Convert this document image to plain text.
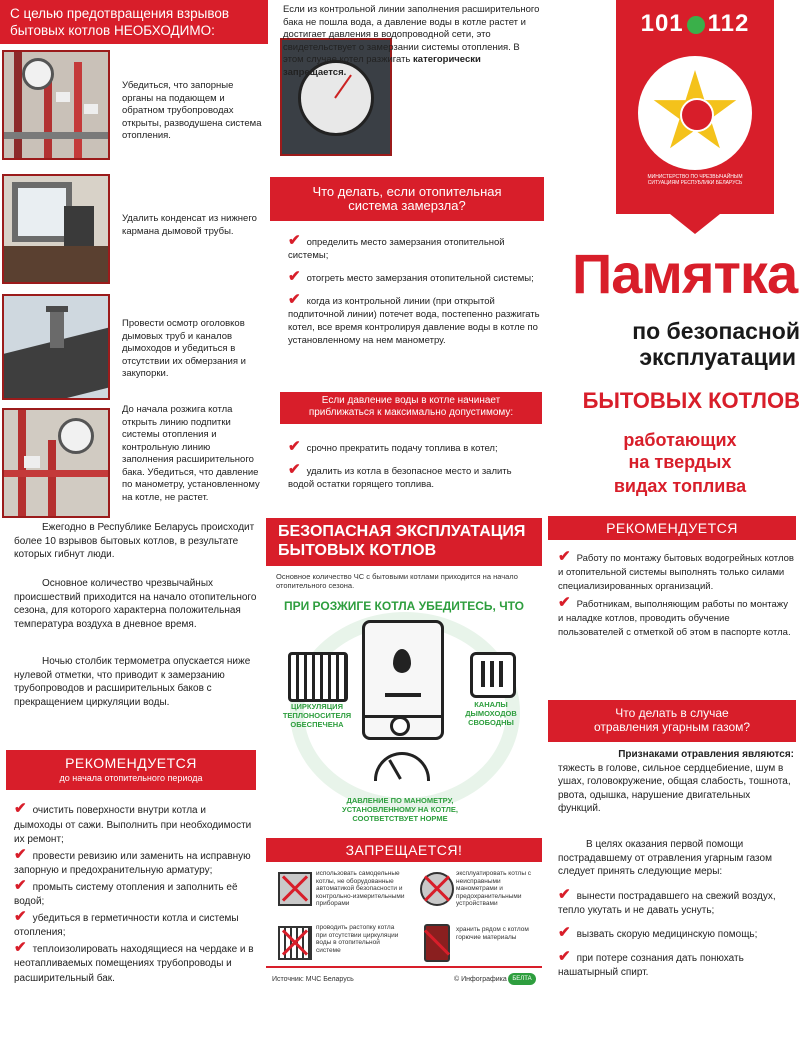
С целью предотвращения взрывов бытовых котлов НЕОБХОДИМО:
Убедиться, что запорные органы на подающем и обратном трубопроводах открыты, разводушена система отопления.
Удалить конденсат из нижнего кармана дымовой трубы.
Провести осмотр оголовков дымовых труб и каналов дымоходов и убедиться в отсутствии их обмерзания и закупорки.
До начала розжига котла открыть линию подпитки системы отопления и контрольную линию заполнения расширительного бака. Убедиться, что давление по манометру, установленному на котле, не растет.
Ежегодно в Республике Беларусь происходит более 10 взрывов бытовых котлов, в результате которых гибнут люди.
Основное количество чрезвычайных происшествий приходится на начало отопительного сезона, для которого характерна положительная температура воздуха в дневное время.
Ночью столбик термометра опускается ниже нулевой отметки, что приводит к замерзанию трубопроводов и расширительных баков с прекращением циркуляции воды.
РЕКОМЕНДУЕТСЯ
до начала отопительного периода
✔ очистить поверхности внутри котла и дымоходы от сажи. Выполнить при необходимости их ремонт;
✔ провести ревизию или заменить на исправную запорную и предохранительную арматуру;
✔ промыть систему отопления и заполнить её водой;
✔ убедиться в герметичности котла и системы отопления;
✔ теплоизолировать находящиеся на чердаке и в неотапливаемых помещениях трубопроводы и расширительный бак.
Если из контрольной линии заполнения расширительного бака не пошла вода, а давление воды в котле растет и достигает давления в водопроводной сети, это свидетельствует о замерзании системы отопления. В этом случае котел разжигать категорически запрещается.
Что делать, если отопительная система замерзла?
✔ определить место замерзания отопительной системы;
✔ отогреть место замерзания отопительной системы;
✔ когда из контрольной линии (при открытой подпиточной линии) потечет вода, постепенно разжигать котел, все время контролируя давление воды в котле по установленному на нем манометру.
Если давление воды в котле начинает приближаться к максимально допустимому:
✔ срочно прекратить подачу топлива в котел;
✔ удалить из котла в безопасное место и залить водой остатки горящего топлива.
БЕЗОПАСНАЯ ЭКСПЛУАТАЦИЯ БЫТОВЫХ КОТЛОВ
Основное количество ЧС с бытовыми котлами приходится на начало отопительного сезона.
ПРИ РОЗЖИГЕ КОТЛА УБЕДИТЕСЬ, ЧТО
ЦИРКУЛЯЦИЯ ТЕПЛОНОСИТЕЛЯ ОБЕСПЕЧЕНА
КАНАЛЫ ДЫМОХОДОВ СВОБОДНЫ
ДАВЛЕНИЕ ПО МАНОМЕТРУ, УСТАНОВЛЕННОМУ НА КОТЛЕ, СООТВЕТСТВУЕТ НОРМЕ
ЗАПРЕЩАЕТСЯ!
использовать самодельные котлы, не оборудованные автоматикой безопасности и контрольно-измерительными приборами
эксплуатировать котлы с неисправными манометрами и предохранительными устройствами
проводить растопку котла при отсутствии циркуляции воды в отопительной системе
хранить рядом с котлом горючие материалы
Источник: МЧС Беларусь	© Инфографика БЕЛТА
101 112
МИНИСТЕРСТВО ПО ЧРЕЗВЫЧАЙНЫМ СИТУАЦИЯМ РЕСПУБЛИКИ БЕЛАРУСЬ
Памятка
по безопасной
эксплуатации
БЫТОВЫХ КОТЛОВ
работающих
на твердых
видах топлива
РЕКОМЕНДУЕТСЯ
✔ Работу по монтажу бытовых водогрейных котлов и отопительной системы выполнять только силами специализированных организаций.
✔ Работникам, выполняющим работы по монтажу и наладке котлов, проводить обучение пользователей с отметкой об этом в паспорте котла.
Что делать в случае отравления угарным газом?
Признаками отравления являются:
тяжесть в голове, сильное сердцебиение, шум в ушах, головокружение, общая слабость, тошнота, рвота, одышка, нарушение двигательных функций.
В целях оказания первой помощи пострадавшему от отравления угарным газом следует принять следующие меры:
✔ вынести пострадавшего на свежий воздух, тепло укутать и не давать уснуть;
✔ вызвать скорую медицинскую помощь;
✔ при потере сознания дать понюхать нашатырный спирт.
